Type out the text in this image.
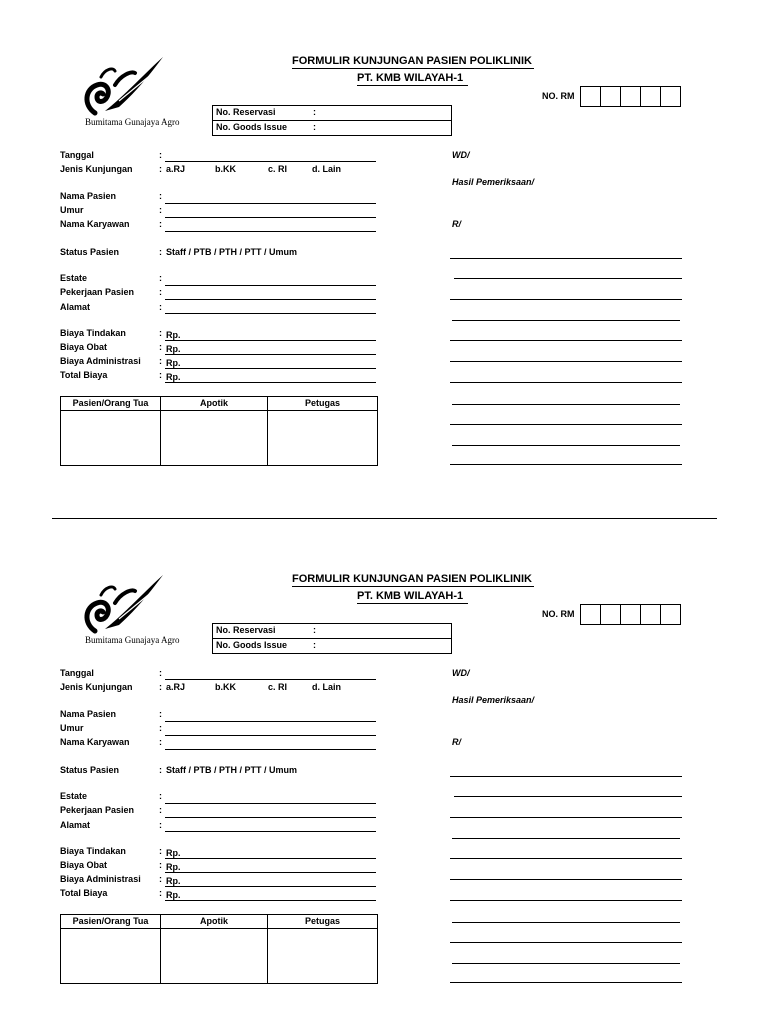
Bumitama Gunajaya Agro
FORMULIR KUNJUNGAN PASIEN POLIKLINIK
PT. KMB WILAYAH-1
NO. RM
No. Reservasi	:
No. Goods Issue	:
Tanggal	:
Jenis Kunjungan	: a.RJ	b.KK	c. RI	d. Lain
Nama Pasien	:
Umur	:
Nama Karyawan	:
Status Pasien	: Staff / PTB / PTH / PTT / Umum
Estate	:
Pekerjaan Pasien	:
Alamat	:
Biaya Tindakan	: Rp.
Biaya Obat	: Rp.
Biaya Administrasi : Rp.
Total Biaya	: Rp.
Pasien/Orang Tua	Apotik	Petugas
WD/
Hasil Pemeriksaan/
R/
Bumitama Gunajaya Agro
FORMULIR KUNJUNGAN PASIEN POLIKLINIK
PT. KMB WILAYAH-1
NO. RM
No. Reservasi	:
No. Goods Issue	:
Tanggal	:
Jenis Kunjungan	: a.RJ	b.KK	c. RI	d. Lain
Nama Pasien	:
Umur	:
Nama Karyawan	:
Status Pasien	: Staff / PTB / PTH / PTT / Umum
Estate	:
Pekerjaan Pasien	:
Alamat	:
Biaya Tindakan	: Rp.
Biaya Obat	: Rp.
Biaya Administrasi : Rp.
Total Biaya	: Rp.
Pasien/Orang Tua	Apotik	Petugas
WD/
Hasil Pemeriksaan/
R/
